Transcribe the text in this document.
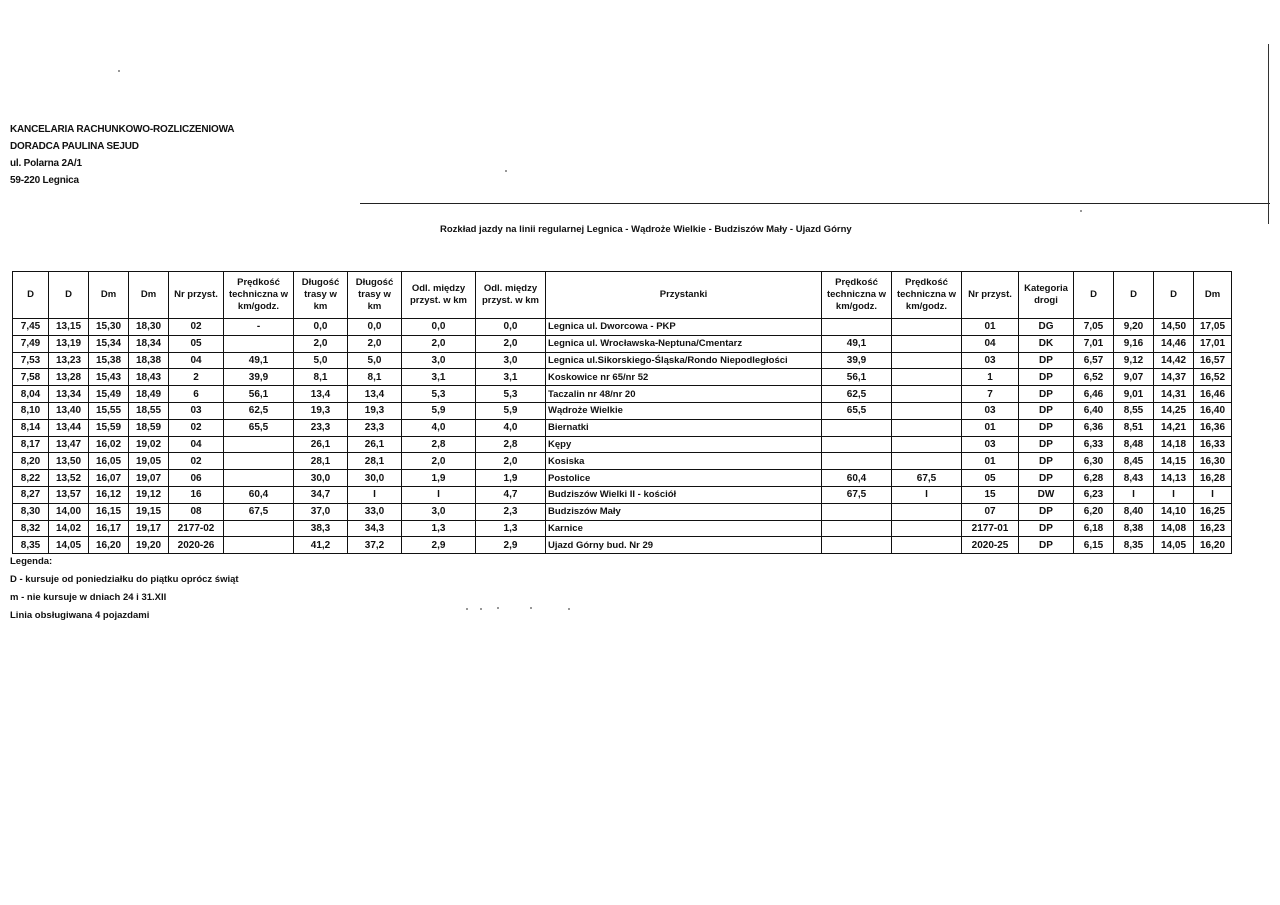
KANCELARIA RACHUNKOWO-ROZLICZENIOWA
DORADCA PAULINA SEJUD
ul. Polarna 2A/1
59-220 Legnica
Rozkład jazdy na linii regularnej Legnica - Wądroże Wielkie - Budziszów Mały - Ujazd Górny
D	D	Dm	Dm	Nr przyst.	Prędkość techniczna w km/godz.	Długość trasy w km	Długość trasy w km	Odl. między przyst. w km	Odl. między przyst. w km	Przystanki	Prędkość techniczna w km/godz.	Prędkość techniczna w km/godz.	Nr przyst.	Kategoria drogi	D	D	D	Dm
7,45	13,15	15,30	18,30	02	-	0,0	0,0	0,0	0,0	Legnica ul. Dworcowa - PKP			01	DG	7,05	9,20	14,50	17,05
7,49	13,19	15,34	18,34	05		2,0	2,0	2,0	2,0	Legnica ul. Wrocławska-Neptuna/Cmentarz	49,1		04	DK	7,01	9,16	14,46	17,01
7,53	13,23	15,38	18,38	04	49,1	5,0	5,0	3,0	3,0	Legnica ul.Sikorskiego-Śląska/Rondo Niepodległości	39,9		03	DP	6,57	9,12	14,42	16,57
7,58	13,28	15,43	18,43	2	39,9	8,1	8,1	3,1	3,1	Koskowice nr 65/nr 52	56,1		1	DP	6,52	9,07	14,37	16,52
8,04	13,34	15,49	18,49	6	56,1	13,4	13,4	5,3	5,3	Taczalin nr 48/nr 20	62,5		7	DP	6,46	9,01	14,31	16,46
8,10	13,40	15,55	18,55	03	62,5	19,3	19,3	5,9	5,9	Wądroże Wielkie	65,5		03	DP	6,40	8,55	14,25	16,40
8,14	13,44	15,59	18,59	02	65,5	23,3	23,3	4,0	4,0	Biernatki			01	DP	6,36	8,51	14,21	16,36
8,17	13,47	16,02	19,02	04		26,1	26,1	2,8	2,8	Kępy			03	DP	6,33	8,48	14,18	16,33
8,20	13,50	16,05	19,05	02		28,1	28,1	2,0	2,0	Kosiska			01	DP	6,30	8,45	14,15	16,30
8,22	13,52	16,07	19,07	06		30,0	30,0	1,9	1,9	Postolice	60,4	67,5	05	DP	6,28	8,43	14,13	16,28
8,27	13,57	16,12	19,12	16	60,4	34,7	I	I	4,7	Budziszów Wielki II - kościół	67,5	I	15	DW	6,23	I	I	I
8,30	14,00	16,15	19,15	08	67,5	37,0	33,0	3,0	2,3	Budziszów Mały			07	DP	6,20	8,40	14,10	16,25
8,32	14,02	16,17	19,17	2177-02		38,3	34,3	1,3	1,3	Karnice			2177-01	DP	6,18	8,38	14,08	16,23
8,35	14,05	16,20	19,20	2020-26		41,2	37,2	2,9	2,9	Ujazd Górny bud. Nr 29			2020-25	DP	6,15	8,35	14,05	16,20
Legenda:
D - kursuje od poniedziałku do piątku oprócz świąt
m - nie kursuje w dniach 24 i 31.XII
Linia obsługiwana 4 pojazdami
